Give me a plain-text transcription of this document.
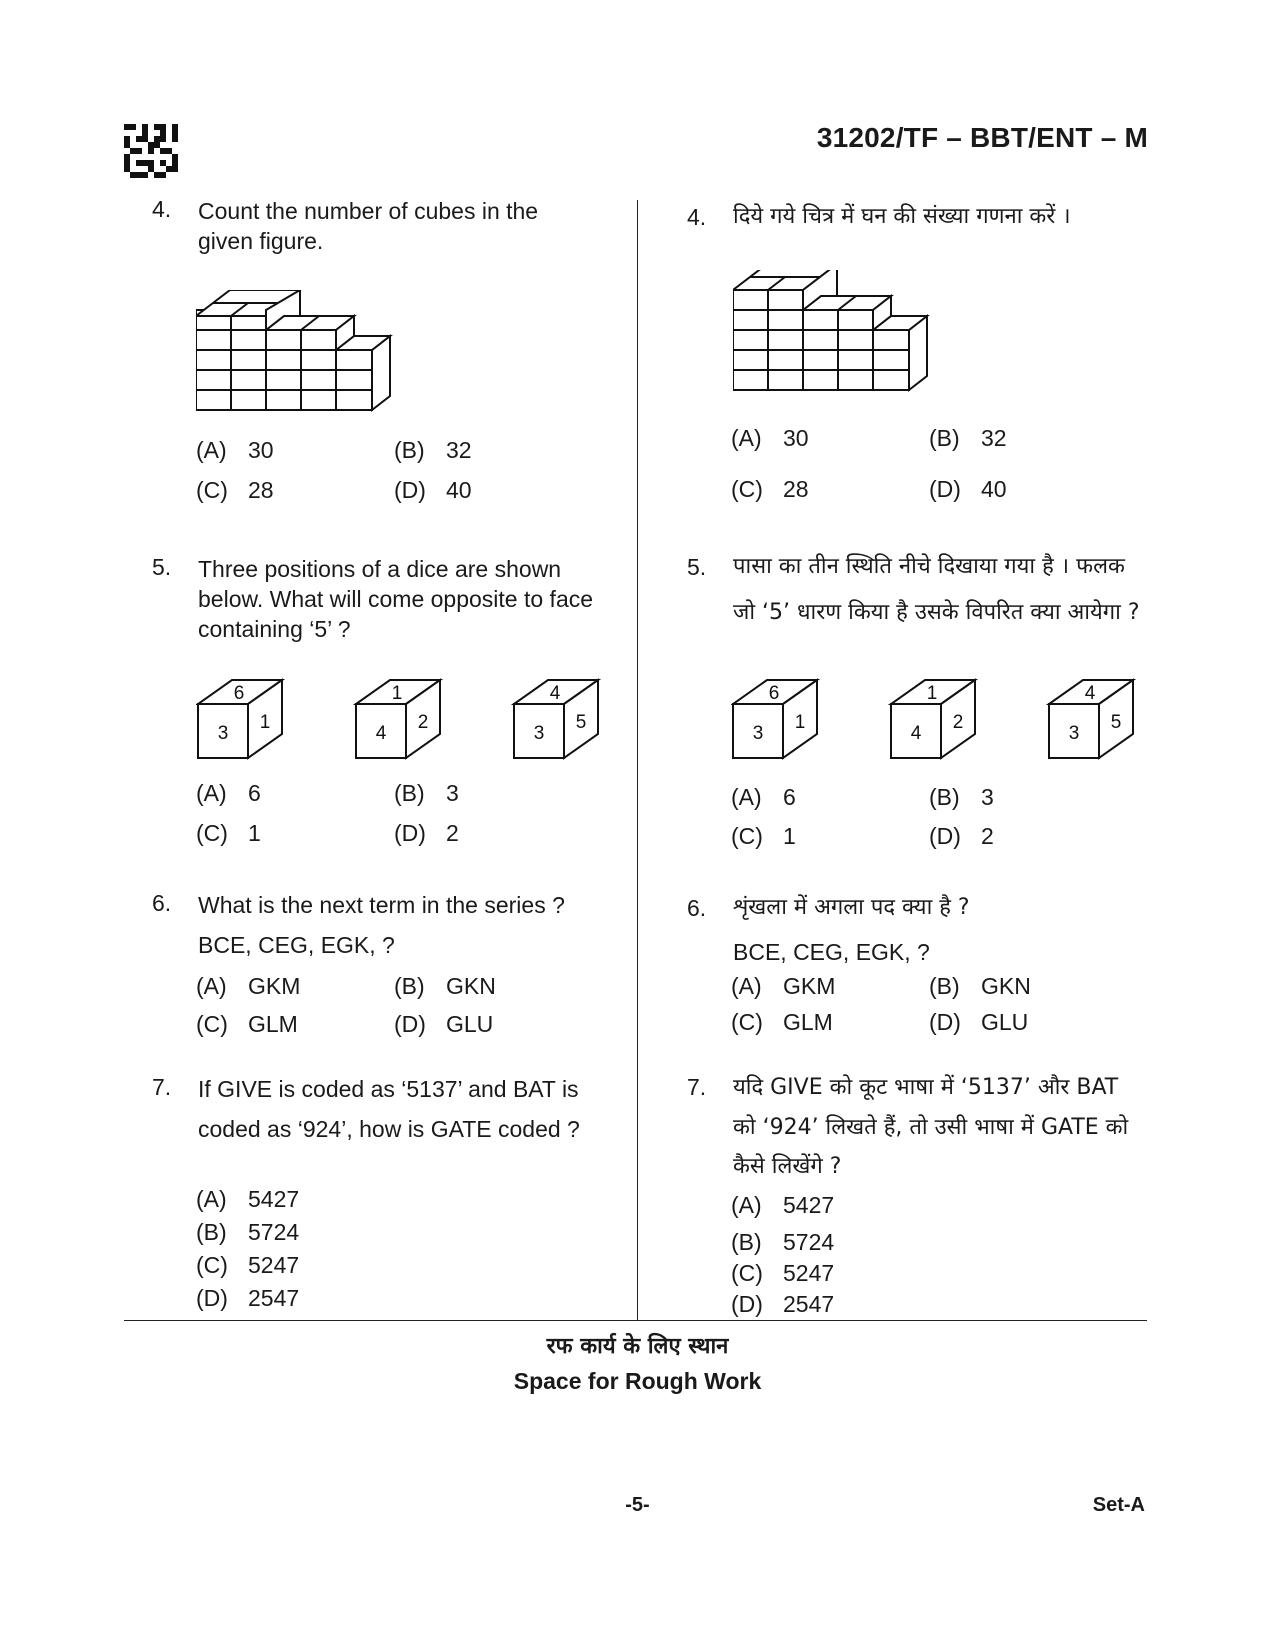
31202/TF – BBT/ENT – M
4. Count the number of cubes in the
given figure.
(A) 30	(B) 32
(C) 28	(D) 40
5. Three positions of a dice are shown
below. What will come opposite to face
containing ‘5’ ?
6
3
1
1
4
2
4
3
5
(A) 6	(B) 3
(C) 1	(D) 2
6. What is the next term in the series ?
BCE, CEG, EGK, ?
(A) GKM	(B) GKN
(C) GLM	(D) GLU
7. If GIVE is coded as ‘5137’ and BAT is
coded as ‘924’, how is GATE coded ?
(A) 5427
(B) 5724
(C) 5247
(D) 2547
4. दिये गये चित्र में घन की संख्या गणना करें ।
(A) 30	(B) 32
(C) 28	(D) 40
5. पासा का तीन स्थिति नीचे दिखाया गया है । फलक
जो ‘5’ धारण किया है उसके विपरित क्या आयेगा ?
6
3
1
1
4
2
4
3
5
(A) 6	(B) 3
(C) 1	(D) 2
6. शृंखला में अगला पद क्या है ?
BCE, CEG, EGK, ?
(A) GKM	(B) GKN
(C) GLM	(D) GLU
7. यदि GIVE को कूट भाषा में ‘5137’ और BAT
को ‘924’ लिखते हैं, तो उसी भाषा में GATE को
कैसे लिखेंगे ?
(A) 5427
(B) 5724
(C) 5247
(D) 2547
रफ कार्य के लिए स्थान
Space for Rough Work
-5-	Set-A
